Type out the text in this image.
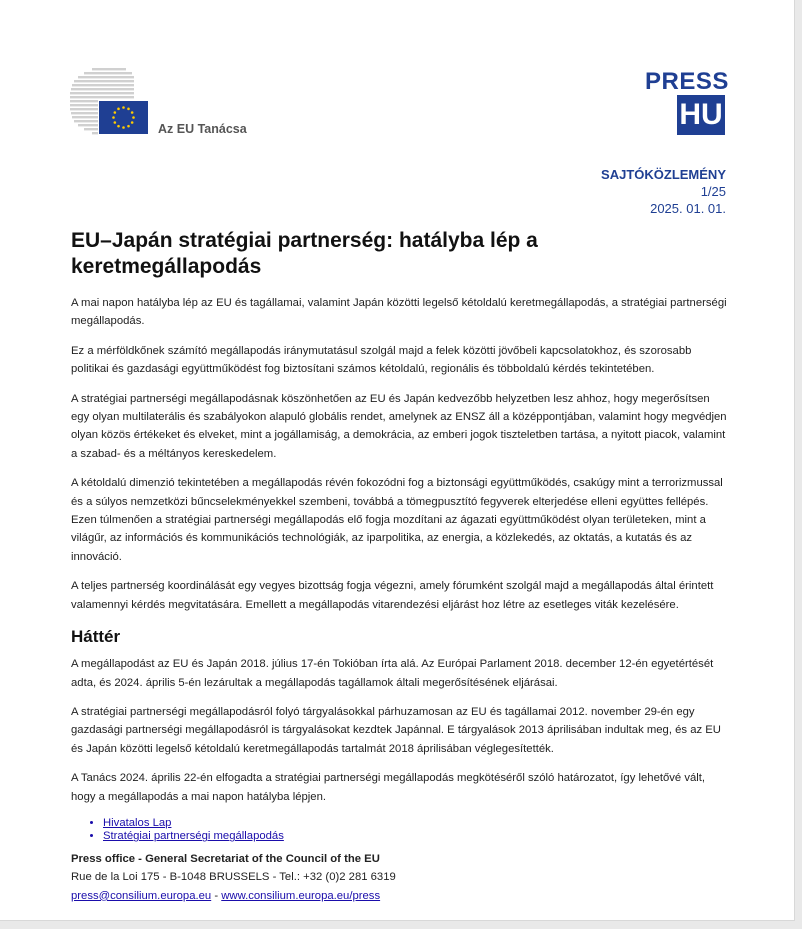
Az EU Tanácsa
PRESS
HU
SAJTÓKÖZLEMÉNY
1/25
2025. 01. 01.
EU–Japán stratégiai partnerség: hatályba lép a keretmegállapodás

A mai napon hatályba lép az EU és tagállamai, valamint Japán közötti legelső kétoldalú keretmegállapodás, a stratégiai partnerségi megállapodás.

Ez a mérföldkőnek számító megállapodás iránymutatásul szolgál majd a felek közötti jövőbeli kapcsolatokhoz, és szorosabb politikai és gazdasági együttműködést fog biztosítani számos kétoldalú, regionális és többoldalú kérdés tekintetében.

A stratégiai partnerségi megállapodásnak köszönhetően az EU és Japán kedvezőbb helyzetben lesz ahhoz, hogy megerősítsen egy olyan multilaterális és szabályokon alapuló globális rendet, amelynek az ENSZ áll a középpontjában, valamint hogy megvédjen olyan közös értékeket és elveket, mint a jogállamiság, a demokrácia, az emberi jogok tiszteletben tartása, a nyitott piacok, valamint a szabad- és a méltányos kereskedelem.

A kétoldalú dimenzió tekintetében a megállapodás révén fokozódni fog a biztonsági együttműködés, csakúgy mint a terrorizmussal és a súlyos nemzetközi bűncselekményekkel szembeni, továbbá a tömegpusztító fegyverek elterjedése elleni együttes fellépés. Ezen túlmenően a stratégiai partnerségi megállapodás elő fogja mozdítani az ágazati együttműködést olyan területeken, mint a világűr, az információs és kommunikációs technológiák, az iparpolitika, az energia, a közlekedés, az oktatás, a kutatás és az innováció.

A teljes partnerség koordinálását egy vegyes bizottság fogja végezni, amely fórumként szolgál majd a megállapodás által érintett valamennyi kérdés megvitatására. Emellett a megállapodás vitarendezési eljárást hoz létre az esetleges viták kezelésére.

Háttér

A megállapodást az EU és Japán 2018. július 17-én Tokióban írta alá. Az Európai Parlament 2018. december 12-én egyetértését adta, és 2024. április 5-én lezárultak a megállapodás tagállamok általi megerősítésének eljárásai.

A stratégiai partnerségi megállapodásról folyó tárgyalásokkal párhuzamosan az EU és tagállamai 2012. november 29-én egy gazdasági partnerségi megállapodásról is tárgyalásokat kezdtek Japánnal. E tárgyalások 2013 áprilisában indultak meg, és az EU és Japán közötti legelső kétoldalú keretmegállapodás tartalmát 2018 áprilisában véglegesítették.

A Tanács 2024. április 22-én elfogadta a stratégiai partnerségi megállapodás megkötéséről szóló határozatot, így lehetővé vált, hogy a megállapodás a mai napon hatályba lépjen.

• Hivatalos Lap
• Stratégiai partnerségi megállapodás
Press office - General Secretariat of the Council of the EU
Rue de la Loi 175 - B-1048 BRUSSELS - Tel.: +32 (0)2 281 6319
press@consilium.europa.eu - www.consilium.europa.eu/press
